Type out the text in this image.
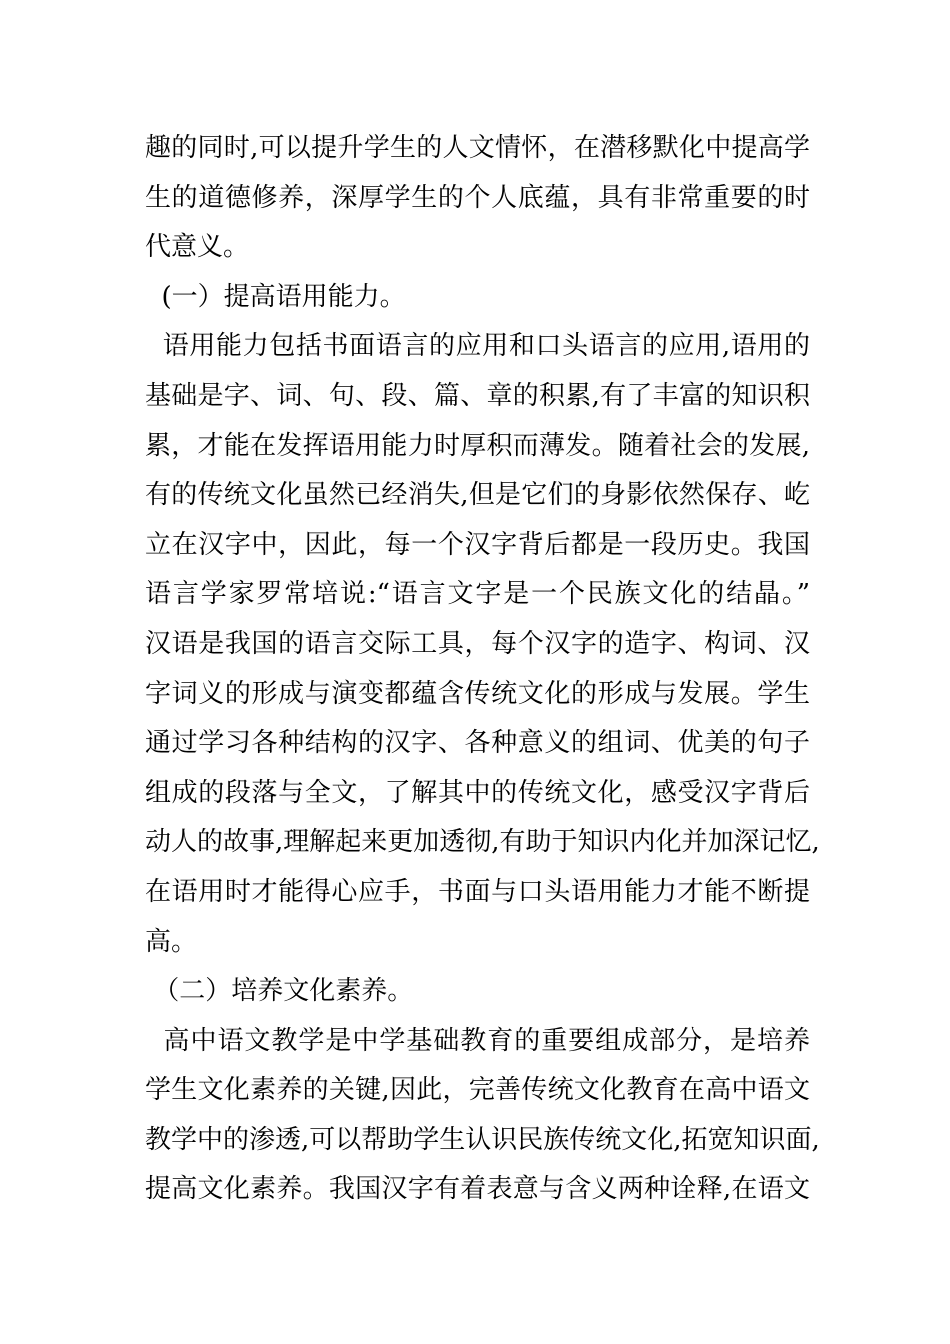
趣的同时,可以提升学生的人文情怀，在潜移默化中提高学
生的道德修养，深厚学生的个人底蕴，具有非常重要的时
代意义。
(一）提高语用能力。
语用能力包括书面语言的应用和口头语言的应用,语用的
基础是字、词、句、段、篇、章的积累,有了丰富的知识积
累，才能在发挥语用能力时厚积而薄发。随着社会的发展,
有的传统文化虽然已经消失,但是它们的身影依然保存、屹
立在汉字中，因此，每一个汉字背后都是一段历史。我国
语言学家罗常培说:“语言文字是一个民族文化的结晶。”
汉语是我国的语言交际工具，每个汉字的造字、构词、汉
字词义的形成与演变都蕴含传统文化的形成与发展。学生
通过学习各种结构的汉字、各种意义的组词、优美的句子
组成的段落与全文，了解其中的传统文化，感受汉字背后
动人的故事,理解起来更加透彻,有助于知识内化并加深记忆,
在语用时才能得心应手，书面与口头语用能力才能不断提
高。
（二）培养文化素养。
高中语文教学是中学基础教育的重要组成部分，是培养
学生文化素养的关键,因此，完善传统文化教育在高中语文
教学中的渗透,可以帮助学生认识民族传统文化,拓宽知识面,
提高文化素养。我国汉字有着表意与含义两种诠释,在语文
